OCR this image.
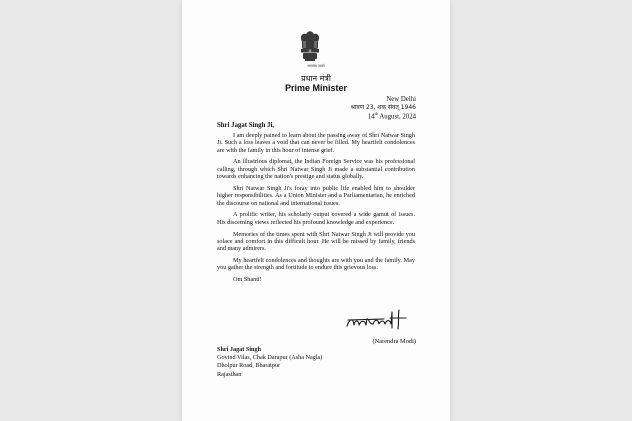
सत्यमेव जयते
प्रधान मंत्री
Prime Minister
New Delhi
श्रावण 23, शक संवत् 1946
14th August, 2024
Shri Jagat Singh Ji,

I am deeply pained to learn about the passing away of Shri Natwar Singh Ji. Such a loss leaves a void that can never be filled. My heartfelt condolences are with the family in this hour of intense grief.

An illustrious diplomat, the Indian Foreign Service was his professional calling, through which Shri Natwar Singh Ji made a substantial contribution towards enhancing the nation's prestige and status globally.

Shri Natwar Singh Ji's foray into public life enabled him to shoulder higher responsibilities. As a Union Minister and a Parliamentarian, he enriched the discourse on national and international issues.

A prolific writer, his scholarly output covered a wide gamut of issues. His discerning views reflected his profound knowledge and experience.

Memories of the times spent with Shri Natwar Singh Ji will provide you solace and comfort in this difficult hour. He will be missed by family, friends and many admirers.

My heartfelt condolences and thoughts are with you and the family. May you gather the strength and fortitude to endure this grievous loss.

Om Shanti!

(Narendra Modi)
Shri Jagat Singh
Govind Vilas, Chak Darapur (Asha Nagla)
Dholpur Road, Bharatpur
Rajasthan
